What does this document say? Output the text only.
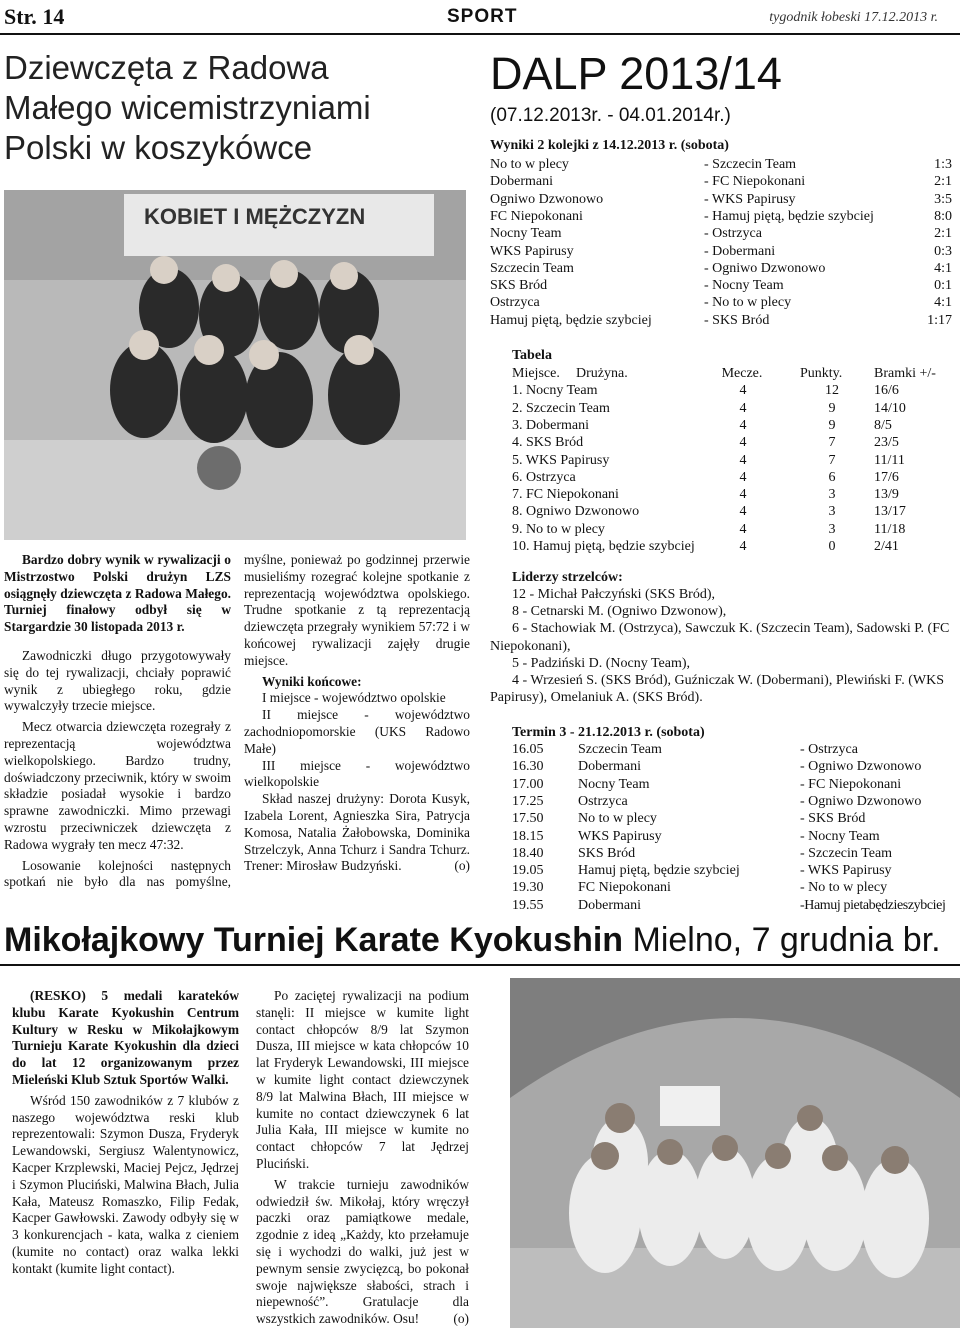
Str. 14	SPORT	tygodnik łobeski 17.12.2013 r.
Dziewczęta z Radowa
Małego wicemistrzyniami
Polski w koszykówce
KOBIET I MĘŻCZYZN

Bardzo dobry wynik w rywalizacji o Mistrzostwo Polski drużyn LZS osiągnęły dziewczęta z Radowa Małego. Turniej finałowy odbył się w Stargardzie 30 listopada 2013 r.

Zawodniczki długo przygotowywały się do tej rywalizacji, chciały poprawić wynik z ubiegłego roku, gdzie wywalczyły trzecie miejsce.

Mecz otwarcia dziewczęta rozegrały z reprezentacją województwa wielkopolskiego. Bardzo trudny, doświadczony przeciwnik, który w swoim składzie posiadał wysokie i bardzo sprawne zawodniczki. Mimo przewagi wzrostu przeciwniczek dziewczęta z Radowa wygrały ten mecz 47:32.

Losowanie kolejności następnych spotkań nie było dla nas pomyślne,

myślne, ponieważ po godzinnej przerwie musieliśmy rozegrać kolejne spotkanie z reprezentacją województwa opolskiego. Trudne spotkanie z tą reprezentacją dziewczęta przegrały wynikiem 57:72 i w końcowej rywalizacji zajęły drugie miejsce.

Wyniki końcowe:

I miejsce - województwo opolskie

II miejsce - województwo zachodniopomorskie (UKS Radowo Małe)

III miejsce - województwo wielkopolskie

Skład naszej drużyny: Dorota Kusyk, Izabela Lorent, Agnieszka Sira, Patrycja Komosa, Natalia Żałobowska, Dominika Strzelczyk, Anna Tchurz i Sandra Tchurz. Trener: Mirosław Budzyński.	(o)

DALP 2013/14
(07.12.2013r. - 04.01.2014r.)
Wyniki 2 kolejki z 14.12.2013 r. (sobota)
No to w plecy	- Szczecin Team	1:3
Dobermani	- FC Niepokonani	2:1
Ogniwo Dzwonowo	- WKS Papirusy	3:5
FC Niepokonani	- Hamuj piętą, będzie szybciej	8:0
Nocny Team	- Ostrzyca	2:1
WKS Papirusy	- Dobermani	0:3
Szczecin Team	- Ogniwo Dzwonowo	4:1
SKS Bród	- Nocny Team	0:1
Ostrzyca	- No to w plecy	4:1
Hamuj piętą, będzie szybciej	- SKS Bród	1:17
Tabela
Miejsce. Drużyna.	Mecze.	Punkty. Bramki +/-
1. Nocny Team	4	12	16/6
2. Szczecin Team	4	9	14/10
3. Dobermani	4	9	8/5
4. SKS Bród	4	7	23/5
5. WKS Papirusy	4	7	11/11
6. Ostrzyca	4	6	17/6
7. FC Niepokonani	4	3	13/9
8. Ogniwo Dzwonowo	4	3	13/17
9. No to w plecy	4	3	11/18
10. Hamuj piętą, będzie szybciej	4	0	2/41
Liderzy strzelców:
12 - Michał Pałczyński (SKS Bród),
8 - Cetnarski M. (Ogniwo Dzwonow),
6 - Stachowiak M. (Ostrzyca), Sawczuk K. (Szczecin Team), Sadowski P. (FC Niepokonani),
5 - Padziński D. (Nocny Team),
4 - Wrzesień S. (SKS Bród), Guźniczak W. (Dobermani), Plewiński F. (WKS Papirusy), Omelaniuk A. (SKS Bród).
Termin 3 - 21.12.2013 r. (sobota)
16.05 Szczecin Team	- Ostrzyca
16.30 Dobermani	- Ogniwo Dzwonowo
17.00 Nocny Team	- FC Niepokonani
17.25 Ostrzyca	- Ogniwo Dzwonowo
17.50 No to w plecy	- SKS Bród
18.15 WKS Papirusy	- Nocny Team
18.40 SKS Bród	- Szczecin Team
19.05 Hamuj piętą, będzie szybciej	- WKS Papirusy
19.30 FC Niepokonani	- No to w plecy
19.55 Dobermani	-Hamuj pietabędzieszybciej
Mikołajkowy Turniej Karate Kyokushin Mielno, 7 grudnia br.

(RESKO) 5 medali karateków klubu Karate Kyokushin Centrum Kultury w Resku w Mikołajkowym Turnieju Karate Kyokushin dla dzieci do lat 12 organizowanym przez Mieleński Klub Sztuk Sportów Walki.

Wśród 150 zawodników z 7 klubów z naszego województwa reski klub reprezentowali: Szymon Dusza, Fryderyk Lewandowski, Sergiusz Walentynowicz, Kacper Krzplewski, Maciej Pejcz, Jędrzej i Szymon Pluciński, Malwina Błach, Julia Kała, Mateusz Romaszko, Filip Fedak, Kacper Gawłowski. Zawody odbyły się w 3 konkurencjach - kata, walka z cieniem (kumite no contact) oraz walka lekki kontakt (kumite light contact).

Po zaciętej rywalizacji na podium stanęli: II miejsce w kumite light contact chłopców 8/9 lat Szymon Dusza, III miejsce w kata chłopców 10 lat Fryderyk Lewandowski, III miejsce w kumite light contact dziewczynek 8/9 lat Malwina Błach, III miejsce w kumite no contact dziewczynek 6 lat Julia Kała, III miejsce w kumite no contact chłopców 7 lat Jędrzej Pluciński.

W trakcie turnieju zawodników odwiedził św. Mikołaj, który wręczył paczki oraz pamiątkowe medale, zgodnie z ideą „Każdy, kto przełamuje się i wychodzi do walki, już jest w pewnym sensie zwycięzcą, bo pokonał swoje największe słabości, strach i niepewność”. Gratulacje dla wszystkich zawodników. Osu!	(o)
